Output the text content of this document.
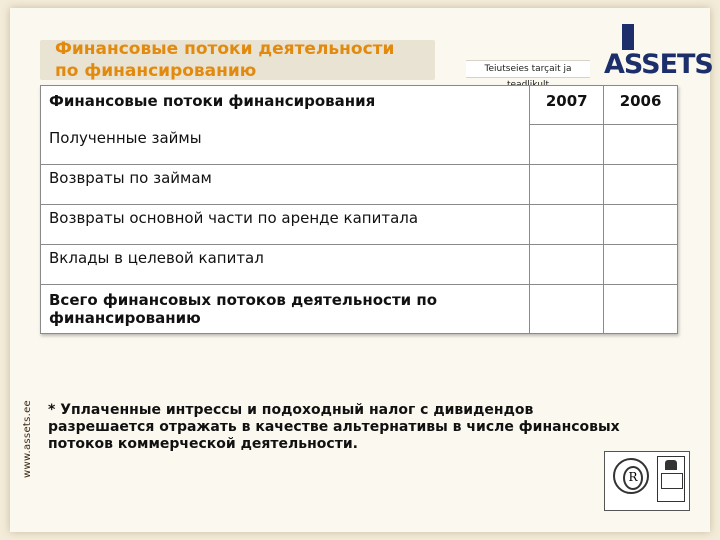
Финансовые потоки деятельности
по финансированию	Teiutseies tarçait ja	ASSETS
Финансовые потоки финансирования	2007	2006
Полученные займы		
Возвраты по займам		
Возвраты основной части по аренде капитала		
Вклады в целевой капитал		
Всего финансовых потоков деятельности по финансированию		
www.assets.ee * Уплаченные интрессы и подоходный налог с дивидендов
разрешается отражать в качестве альтернативы в числе финансовых
потоков коммерческой деятельности.
R
